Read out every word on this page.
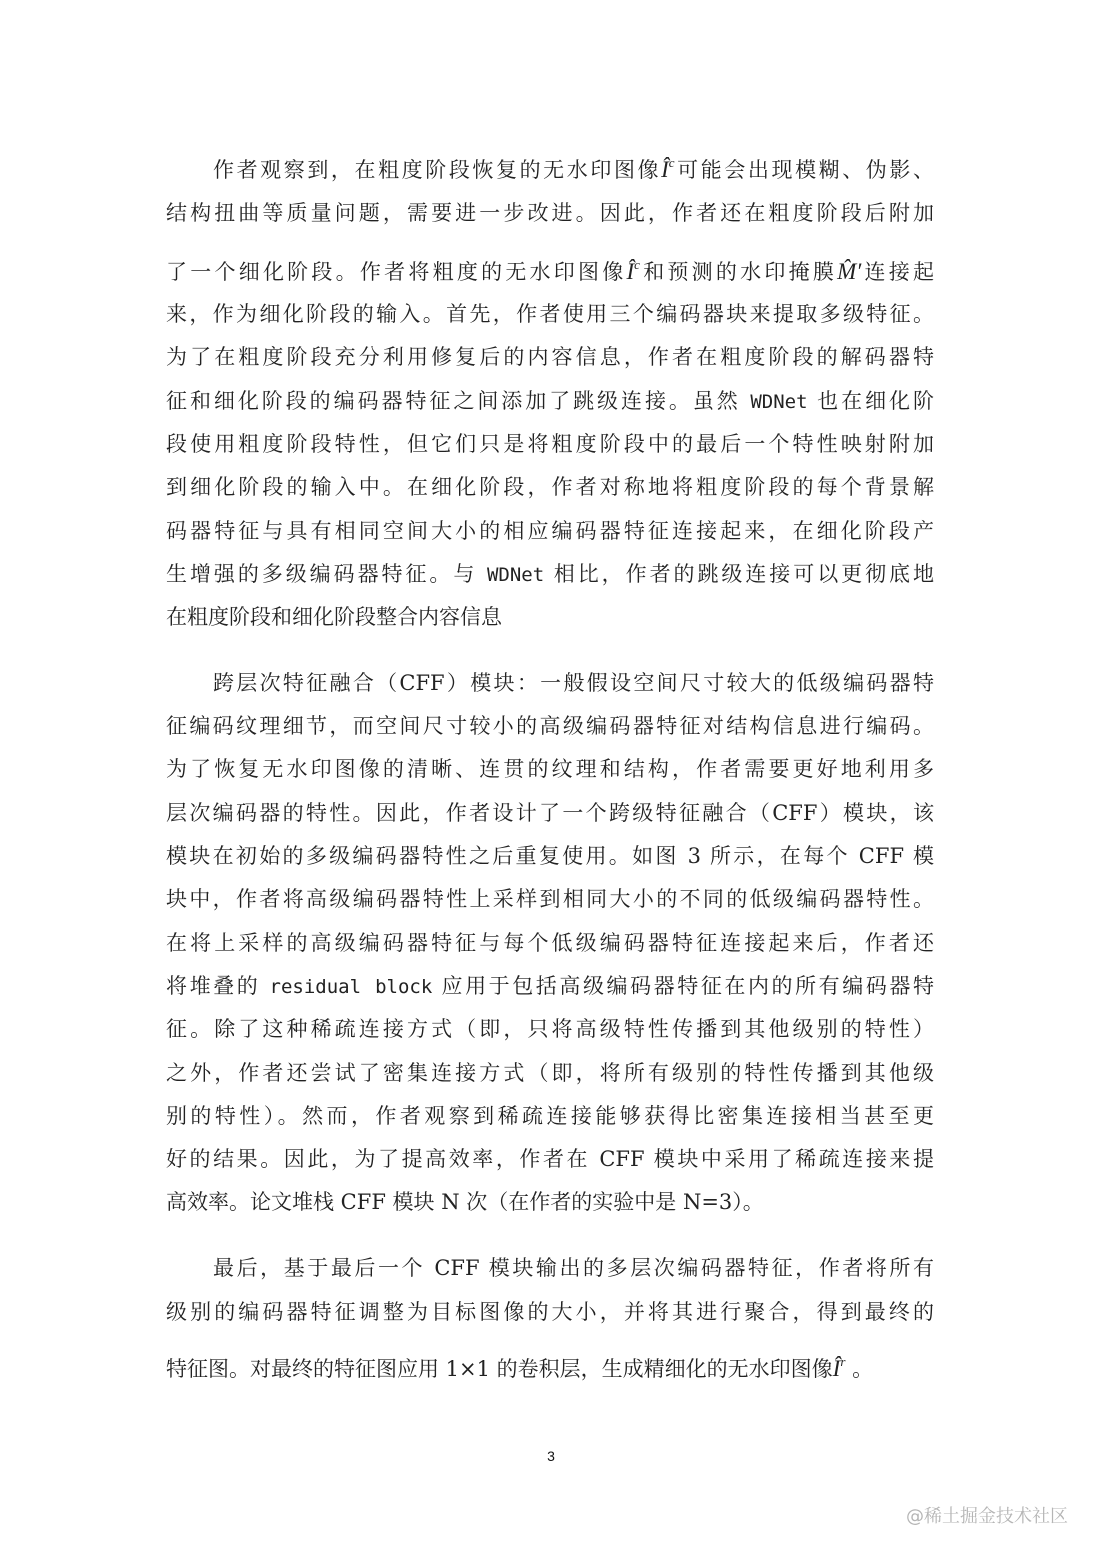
作者观察到，在粗度阶段恢复的无水印图像$Î^c$可能会出现模糊、伪影、
结构扭曲等质量问题，需要进一步改进。因此，作者还在粗度阶段后附加
了一个细化阶段。作者将粗度的无水印图像$Î^c$和预测的水印掩膜M̂′连接起
来，作为细化阶段的输入。首先，作者使用三个编码器块来提取多级特征。
为了在粗度阶段充分利用修复后的内容信息，作者在粗度阶段的解码器特
征和细化阶段的编码器特征之间添加了跳级连接。虽然 WDNet 也在细化阶
段使用粗度阶段特性，但它们只是将粗度阶段中的最后一个特性映射附加
到细化阶段的输入中。在细化阶段，作者对称地将粗度阶段的每个背景解
码器特征与具有相同空间大小的相应编码器特征连接起来，在细化阶段产
生增强的多级编码器特征。与 WDNet 相比，作者的跳级连接可以更彻底地
在粗度阶段和细化阶段整合内容信息
跨层次特征融合（CFF）模块：一般假设空间尺寸较大的低级编码器特
征编码纹理细节，而空间尺寸较小的高级编码器特征对结构信息进行编码。
为了恢复无水印图像的清晰、连贯的纹理和结构，作者需要更好地利用多
层次编码器的特性。因此，作者设计了一个跨级特征融合（CFF）模块，该
模块在初始的多级编码器特性之后重复使用。如图 3 所示，在每个 CFF 模
块中，作者将高级编码器特性上采样到相同大小的不同的低级编码器特性。
在将上采样的高级编码器特征与每个低级编码器特征连接起来后，作者还
将堆叠的 residual block 应用于包括高级编码器特征在内的所有编码器特
征。除了这种稀疏连接方式（即，只将高级特性传播到其他级别的特性）
之外，作者还尝试了密集连接方式（即，将所有级别的特性传播到其他级
别的特性）。然而，作者观察到稀疏连接能够获得比密集连接相当甚至更
好的结果。因此，为了提高效率，作者在 CFF 模块中采用了稀疏连接来提
高效率。论文堆栈 CFF 模块 N 次（在作者的实验中是 N=3）。
最后，基于最后一个 CFF 模块输出的多层次编码器特征，作者将所有
级别的编码器特征调整为目标图像的大小，并将其进行聚合，得到最终的
特征图。对最终的特征图应用 1×1 的卷积层，生成精细化的无水印图像$Î^r$ 。
3
@稀土掘金技术社区
